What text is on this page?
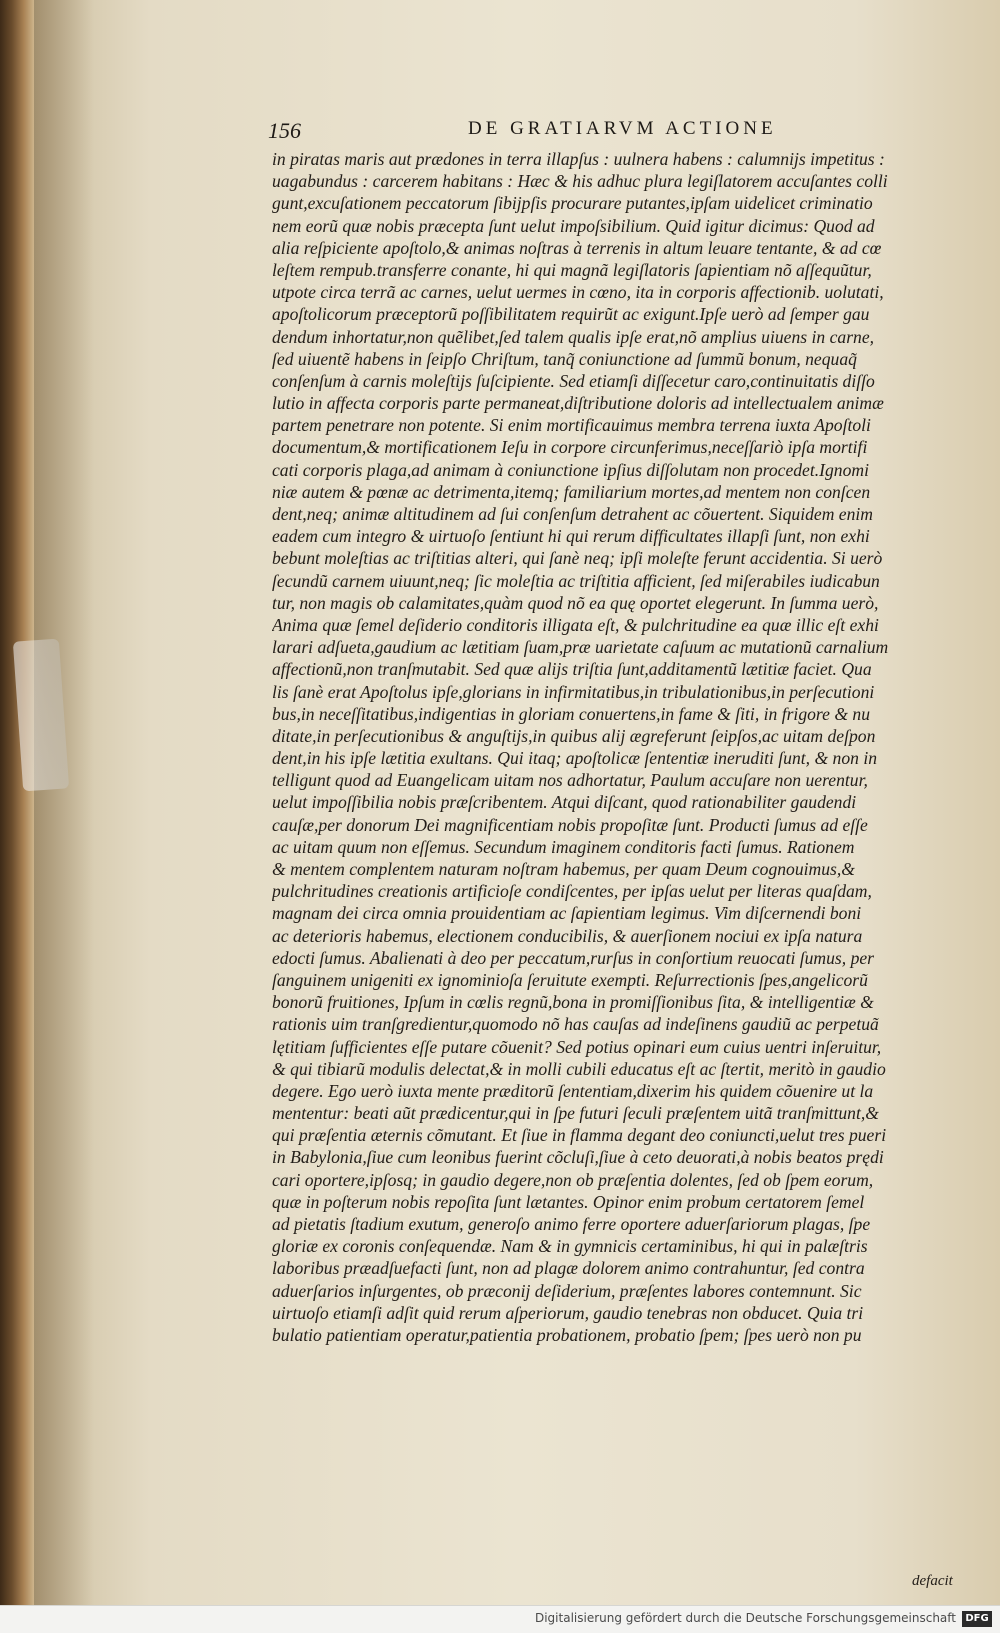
156	DE GRATIARVM ACTIONE
in piratas maris aut prædones in terra illapſus : uulnera habens : calumnijs impetitus :
uagabundus : carcerem habitans : Hæc & his adhuc plura legiſlatorem accuſantes colli
gunt,excuſationem peccatorum ſibijpſis procurare putantes,ipſam uidelicet criminatio
nem eorũ quæ nobis præcepta ſunt uelut impoſsibilium. Quid igitur dicimus: Quod ad
alia reſpiciente apoſtolo,& animas noſtras à terrenis in altum leuare tentante, & ad cœ
leſtem rempub.transferre conante, hi qui magnã legiſlatoris ſapientiam nõ aſſequũtur,
utpote circa terrã ac carnes, uelut uermes in cœno, ita in corporis affectionib. uolutati,
apoſtolicorum præceptorũ poſſibilitatem requirũt ac exigunt.Ipſe uerò ad ſemper gau
dendum inhortatur,non quẽlibet,ſed talem qualis ipſe erat,nõ amplius uiuens in carne,
ſed uiuentẽ habens in ſeipſo Chriſtum, tanq̃ coniunctione ad ſummũ bonum, nequaq̃
conſenſum à carnis moleſtijs ſuſcipiente. Sed etiamſi diſſecetur caro,continuitatis diſſo
lutio in affecta corporis parte permaneat,diſtributione doloris ad intellectualem animæ
partem penetrare non potente. Si enim mortificauimus membra terrena iuxta Apoſtoli
documentum,& mortificationem Ieſu in corpore circunferimus,neceſſariò ipſa mortifi
cati corporis plaga,ad animam à coniunctione ipſius diſſolutam non procedet.Ignomi
niæ autem & pœnæ ac detrimenta,itemq; familiarium mortes,ad mentem non conſcen
dent,neq; animæ altitudinem ad ſui conſenſum detrahent ac cõuertent. Siquidem enim
eadem cum integro & uirtuoſo ſentiunt hi qui rerum difficultates illapſi ſunt, non exhi
bebunt moleſtias ac triſtitias alteri, qui ſanè neq; ipſi moleſte ferunt accidentia. Si uerò
ſecundũ carnem uiuunt,neq; ſic moleſtia ac triſtitia afficient, ſed miſerabiles iudicabun
tur, non magis ob calamitates,quàm quod nõ ea quę oportet elegerunt. In ſumma uerò,
Anima quæ ſemel deſiderio conditoris illigata eſt, & pulchritudine ea quæ illic eſt exhi
larari adſueta,gaudium ac lætitiam ſuam,præ uarietate caſuum ac mutationũ carnalium
affectionũ,non tranſmutabit. Sed quæ alijs triſtia ſunt,additamentũ lætitiæ faciet. Qua
lis ſanè erat Apoſtolus ipſe,glorians in infirmitatibus,in tribulationibus,in perſecutioni
bus,in neceſſitatibus,indigentias in gloriam conuertens,in fame & ſiti, in frigore & nu
ditate,in perſecutionibus & anguſtijs,in quibus alij ægreferunt ſeipſos,ac uitam deſpon
dent,in his ipſe lætitia exultans. Qui itaq; apoſtolicæ ſententiæ ineruditi ſunt, & non in
telligunt quod ad Euangelicam uitam nos adhortatur, Paulum accuſare non uerentur,
uelut impoſſibilia nobis præſcribentem. Atqui diſcant, quod rationabiliter gaudendi
cauſæ,per donorum Dei magnificentiam nobis propoſitæ ſunt. Producti ſumus ad eſſe
ac uitam quum non eſſemus. Secundum imaginem conditoris facti ſumus. Rationem
& mentem complentem naturam noſtram habemus, per quam Deum cognouimus,&
pulchritudines creationis artificioſe condiſcentes, per ipſas uelut per literas quaſdam,
magnam dei circa omnia prouidentiam ac ſapientiam legimus. Vim diſcernendi boni
ac deterioris habemus, electionem conducibilis, & auerſionem nociui ex ipſa natura
edocti ſumus. Abalienati à deo per peccatum,rurſus in conſortium reuocati ſumus, per
ſanguinem unigeniti ex ignominioſa ſeruitute exempti. Reſurrectionis ſpes,angelicorũ
bonorũ fruitiones, Ipſum in cœlis regnũ,bona in promiſſionibus ſita, & intelligentiæ &
rationis uim tranſgredientur,quomodo nõ has cauſas ad indeſinens gaudiũ ac perpetuã
lętitiam ſufficientes eſſe putare cõuenit? Sed potius opinari eum cuius uentri inſeruitur,
& qui tibiarũ modulis delectat,& in molli cubili educatus eſt ac ſtertit, meritò in gaudio
degere. Ego uerò iuxta mente præditorũ ſententiam,dixerim his quidem cõuenire ut la
mententur: beati aũt prædicentur,qui in ſpe futuri ſeculi præſentem uitã tranſmittunt,&
qui præſentia æternis cõmutant. Et ſiue in flamma degant deo coniuncti,uelut tres pueri
in Babylonia,ſiue cum leonibus fuerint cõcluſi,ſiue à ceto deuorati,à nobis beatos prędi
cari oportere,ipſosq; in gaudio degere,non ob præſentia dolentes, ſed ob ſpem eorum,
quæ in poſterum nobis repoſita ſunt lætantes. Opinor enim probum certatorem ſemel
ad pietatis ſtadium exutum, generoſo animo ferre oportere aduerſariorum plagas, ſpe
gloriæ ex coronis conſequendæ. Nam & in gymnicis certaminibus, hi qui in palæſtris
laboribus præadſuefacti ſunt, non ad plagæ dolorem animo contrahuntur, ſed contra
aduerſarios inſurgentes, ob præconij deſiderium, præſentes labores contemnunt. Sic
uirtuoſo etiamſi adſit quid rerum aſperiorum, gaudio tenebras non obducet. Quia tri
bulatio patientiam operatur,patientia probationem, probatio ſpem; ſpes uerò non pu
defacit
Digitalisierung gefördert durch die Deutsche Forschungsgemeinschaft DFG
